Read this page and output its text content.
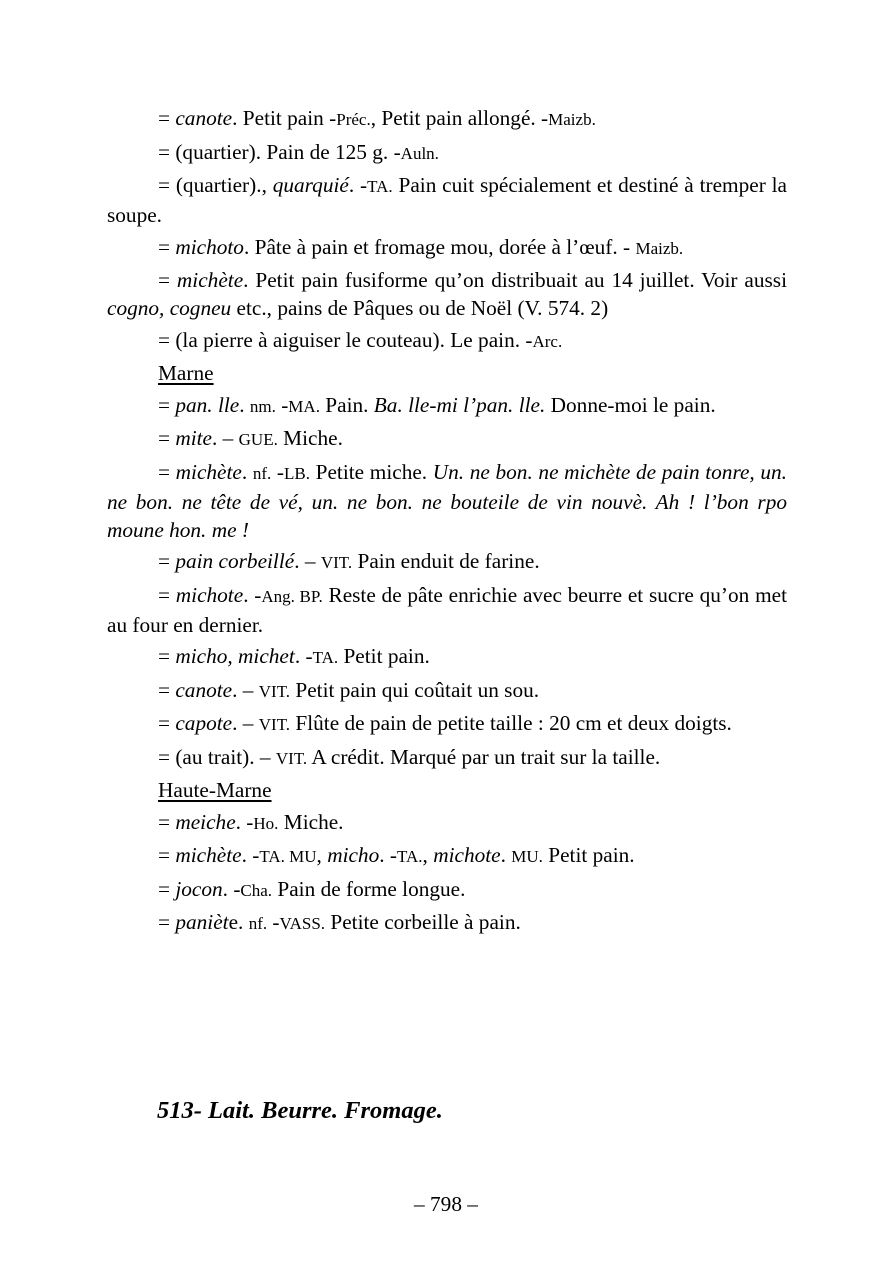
= canote. Petit pain -Préc., Petit pain allongé. -Maizb.

= (quartier). Pain de 125 g. -Auln.

= (quartier)., quarquié. -TA. Pain cuit spécialement et destiné à tremper la soupe.

= michoto. Pâte à pain et fromage mou, dorée à l’œuf. - Maizb.

= michète. Petit pain fusiforme qu’on distribuait au 14 juillet. Voir aussi cogno, cogneu etc., pains de Pâques ou de Noël (V. 574. 2)

= (la pierre à aiguiser le couteau). Le pain. -Arc.

Marne

= pan. lle. nm. -MA. Pain. Ba. lle-mi l’pan. lle. Donne-moi le pain.

= mite. – GUE. Miche.

= michète. nf. -LB. Petite miche. Un. ne bon. ne michète de pain tonre, un. ne bon. ne tête de vé, un. ne bon. ne bouteile de vin nouvè. Ah ! l’bon rpo moune hon. me !

= pain corbeillé. – VIT. Pain enduit de farine.

= michote. -Ang. BP. Reste de pâte enrichie avec beurre et sucre qu’on met au four en dernier.

= micho, michet. -TA. Petit pain.

= canote. – VIT. Petit pain qui coûtait un sou.

= capote. – VIT. Flûte de pain de petite taille : 20 cm et deux doigts.

= (au trait). – VIT. A crédit. Marqué par un trait sur la taille.

Haute-Marne

= meiche. -Ho. Miche.

= michète. -TA. MU, micho. -TA., michote. MU. Petit pain.

= jocon. -Cha. Pain de forme longue.

= paniète. nf. -VASS. Petite corbeille à pain.

513- Lait. Beurre. Fromage.
– 798 –
